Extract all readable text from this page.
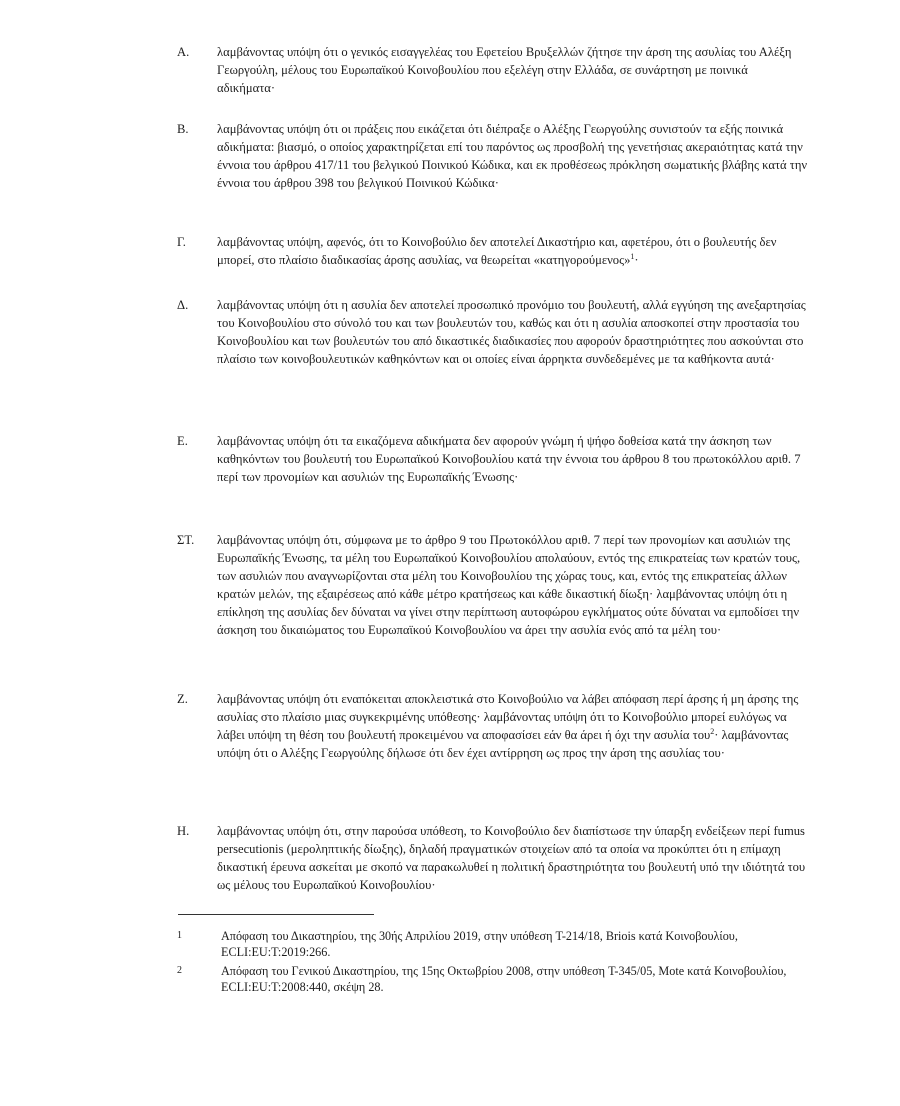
Α. λαμβάνοντας υπόψη ότι ο γενικός εισαγγελέας του Εφετείου Βρυξελλών ζήτησε την άρση της ασυλίας του Αλέξη Γεωργούλη, μέλους του Ευρωπαϊκού Κοινοβουλίου που εξελέγη στην Ελλάδα, σε συνάρτηση με ποινικά αδικήματα·
Β. λαμβάνοντας υπόψη ότι οι πράξεις που εικάζεται ότι διέπραξε ο Αλέξης Γεωργούλης συνιστούν τα εξής ποινικά αδικήματα: βιασμό, ο οποίος χαρακτηρίζεται επί του παρόντος ως προσβολή της γενετήσιας ακεραιότητας κατά την έννοια του άρθρου 417/11 του βελγικού Ποινικού Κώδικα, και εκ προθέσεως πρόκληση σωματικής βλάβης κατά την έννοια του άρθρου 398 του βελγικού Ποινικού Κώδικα·
Γ. λαμβάνοντας υπόψη, αφενός, ότι το Κοινοβούλιο δεν αποτελεί Δικαστήριο και, αφετέρου, ότι ο βουλευτής δεν μπορεί, στο πλαίσιο διαδικασίας άρσης ασυλίας, να θεωρείται «κατηγορούμενος»$^1$·
Δ. λαμβάνοντας υπόψη ότι η ασυλία δεν αποτελεί προσωπικό προνόμιο του βουλευτή, αλλά εγγύηση της ανεξαρτησίας του Κοινοβουλίου στο σύνολό του και των βουλευτών του, καθώς και ότι η ασυλία αποσκοπεί στην προστασία του Κοινοβουλίου και των βουλευτών του από δικαστικές διαδικασίες που αφορούν δραστηριότητες που ασκούνται στο πλαίσιο των κοινοβουλευτικών καθηκόντων και οι οποίες είναι άρρηκτα συνδεδεμένες με τα καθήκοντα αυτά·
Ε. λαμβάνοντας υπόψη ότι τα εικαζόμενα αδικήματα δεν αφορούν γνώμη ή ψήφο δοθείσα κατά την άσκηση των καθηκόντων του βουλευτή του Ευρωπαϊκού Κοινοβουλίου κατά την έννοια του άρθρου 8 του πρωτοκόλλου αριθ. 7 περί των προνομίων και ασυλιών της Ευρωπαϊκής Ένωσης·
ΣΤ. λαμβάνοντας υπόψη ότι, σύμφωνα με το άρθρο 9 του Πρωτοκόλλου αριθ. 7 περί των προνομίων και ασυλιών της Ευρωπαϊκής Ένωσης, τα μέλη του Ευρωπαϊκού Κοινοβουλίου απολαύουν, εντός της επικρατείας των κρατών τους, των ασυλιών που αναγνωρίζονται στα μέλη του Κοινοβουλίου της χώρας τους, και, εντός της επικρατείας άλλων κρατών μελών, της εξαιρέσεως από κάθε μέτρο κρατήσεως και κάθε δικαστική δίωξη· λαμβάνοντας υπόψη ότι η επίκληση της ασυλίας δεν δύναται να γίνει στην περίπτωση αυτοφώρου εγκλήματος ούτε δύναται να εμποδίσει την άσκηση του δικαιώματος του Ευρωπαϊκού Κοινοβουλίου να άρει την ασυλία ενός από τα μέλη του·
Ζ. λαμβάνοντας υπόψη ότι εναπόκειται αποκλειστικά στο Κοινοβούλιο να λάβει απόφαση περί άρσης ή μη άρσης της ασυλίας στο πλαίσιο μιας συγκεκριμένης υπόθεσης· λαμβάνοντας υπόψη ότι το Κοινοβούλιο μπορεί ευλόγως να λάβει υπόψη τη θέση του βουλευτή προκειμένου να αποφασίσει εάν θα άρει ή όχι την ασυλία του$^2$· λαμβάνοντας υπόψη ότι ο Αλέξης Γεωργούλης δήλωσε ότι δεν έχει αντίρρηση ως προς την άρση της ασυλίας του·
Η. λαμβάνοντας υπόψη ότι, στην παρούσα υπόθεση, το Κοινοβούλιο δεν διαπίστωσε την ύπαρξη ενδείξεων περί fumus persecutionis (μεροληπτικής δίωξης), δηλαδή πραγματικών στοιχείων από τα οποία να προκύπτει ότι η επίμαχη δικαστική έρευνα ασκείται με σκοπό να παρακωλυθεί η πολιτική δραστηριότητα του βουλευτή υπό την ιδιότητά του ως μέλους του Ευρωπαϊκού Κοινοβουλίου·
1	Απόφαση του Δικαστηρίου, της 30ής Απριλίου 2019, στην υπόθεση T-214/18, Briois κατά Κοινοβουλίου, ECLI:EU:T:2019:266.
2	Απόφαση του Γενικού Δικαστηρίου, της 15ης Οκτωβρίου 2008, στην υπόθεση T-345/05, Mote κατά Κοινοβουλίου, ECLI:EU:T:2008:440, σκέψη 28.
